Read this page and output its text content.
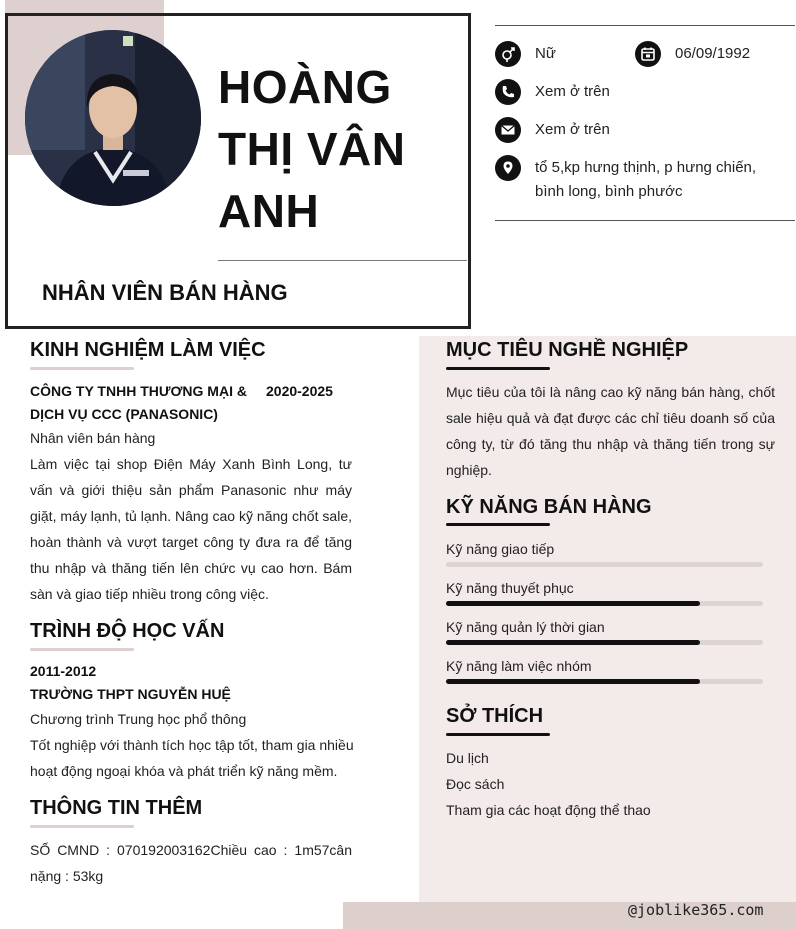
HOÀNG
THỊ VÂN
ANH
NHÂN VIÊN BÁN HÀNG
Nữ	06/09/1992
Xem ở trên
Xem ở trên
tổ 5,kp hưng thịnh, p hưng chiến, bình long, bình phước
KINH NGHIỆM LÀM VIỆC
CÔNG TY TNHH THƯƠNG MẠI & DỊCH VỤ CCC (PANASONIC)
2020-2025
Nhân viên bán hàng
Làm việc tại shop Điện Máy Xanh Bình Long, tư vấn và giới thiệu sản phẩm Panasonic như máy giặt, máy lạnh, tủ lạnh. Nâng cao kỹ năng chốt sale, hoàn thành và vượt target công ty đưa ra để tăng thu nhập và thăng tiến lên chức vụ cao hơn. Bám sàn và giao tiếp nhiều trong công việc.
TRÌNH ĐỘ HỌC VẤN
2011-2012
TRƯỜNG THPT NGUYỄN HUỆ
Chương trình Trung học phổ thông
Tốt nghiệp với thành tích học tập tốt, tham gia nhiều hoạt động ngoại khóa và phát triển kỹ năng mềm.
THÔNG TIN THÊM
SỐ CMND : 070192003162Chiều cao : 1m57cân nặng : 53kg
MỤC TIÊU NGHỀ NGHIỆP
Mục tiêu của tôi là nâng cao kỹ năng bán hàng, chốt sale hiệu quả và đạt được các chỉ tiêu doanh số của công ty, từ đó tăng thu nhập và thăng tiến trong sự nghiệp.
KỸ NĂNG BÁN HÀNG
Kỹ năng giao tiếp
Kỹ năng thuyết phục
Kỹ năng quản lý thời gian
Kỹ năng làm việc nhóm
SỞ THÍCH
Du lịch
Đọc sách
Tham gia các hoạt động thể thao
@joblike365.com
